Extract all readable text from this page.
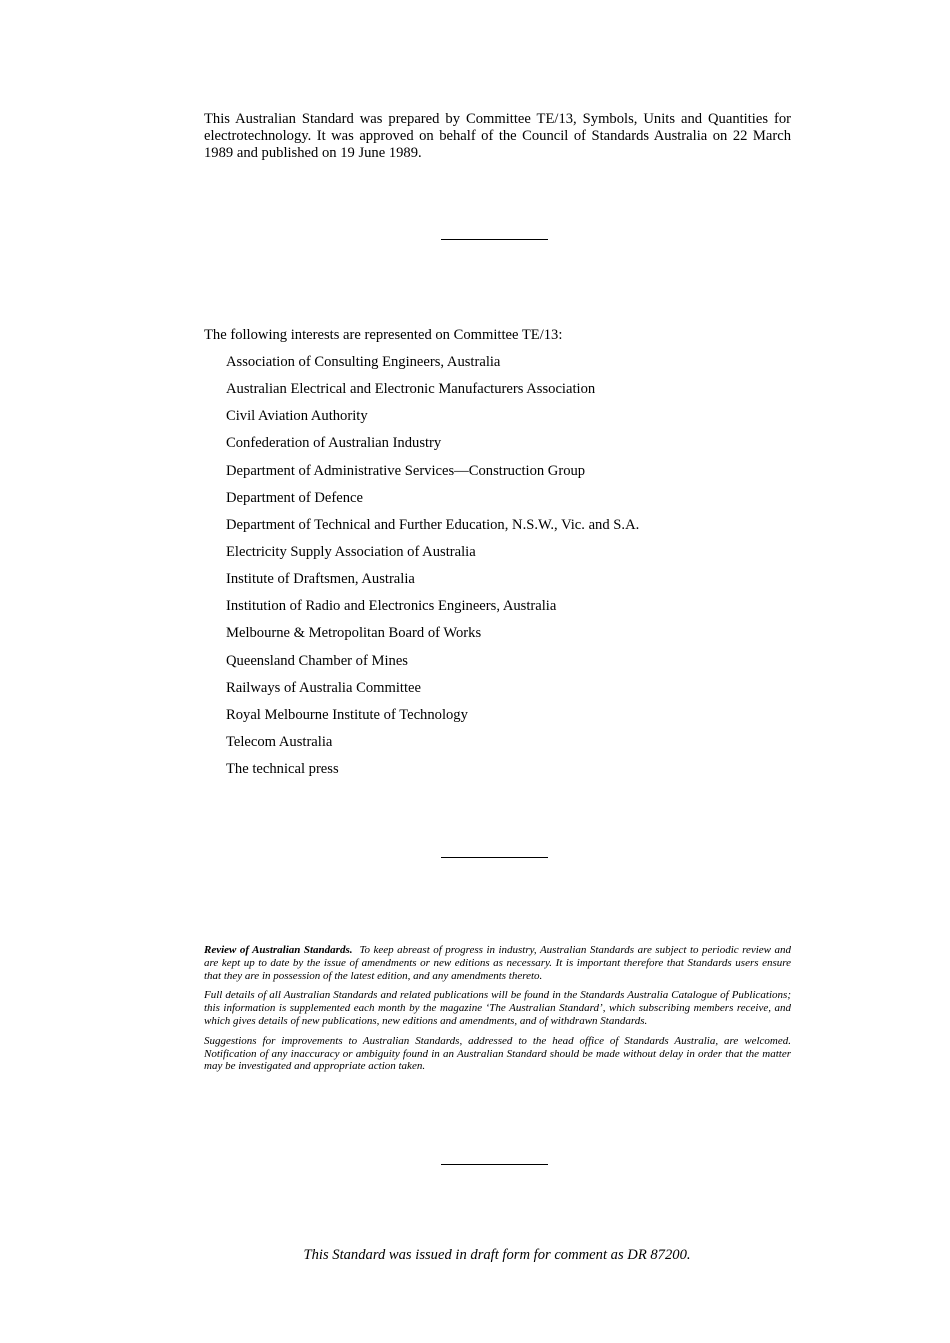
This Australian Standard was prepared by Committee TE/13, Symbols, Units and Quantities for electrotechnology. It was approved on behalf of the Council of Standards Australia on 22 March 1989 and published on 19 June 1989.

The following interests are represented on Committee TE/13:

Association of Consulting Engineers, Australia
Australian Electrical and Electronic Manufacturers Association
Civil Aviation Authority
Confederation of Australian Industry
Department of Administrative Services—Construction Group
Department of Defence
Department of Technical and Further Education, N.S.W., Vic. and S.A.
Electricity Supply Association of Australia
Institute of Draftsmen, Australia
Institution of Radio and Electronics Engineers, Australia
Melbourne & Metropolitan Board of Works
Queensland Chamber of Mines
Railways of Australia Committee
Royal Melbourne Institute of Technology
Telecom Australia
The technical press

Review of Australian Standards. To keep abreast of progress in industry, Australian Standards are subject to periodic review and are kept up to date by the issue of amendments or new editions as necessary. It is important therefore that Standards users ensure that they are in possession of the latest edition, and any amendments thereto.

Full details of all Australian Standards and related publications will be found in the Standards Australia Catalogue of Publications; this information is supplemented each month by the magazine ‘The Australian Standard’, which subscribing members receive, and which gives details of new publications, new editions and amendments, and of withdrawn Standards.

Suggestions for improvements to Australian Standards, addressed to the head office of Standards Australia, are welcomed. Notification of any inaccuracy or ambiguity found in an Australian Standard should be made without delay in order that the matter may be investigated and appropriate action taken.

This Standard was issued in draft form for comment as DR 87200.
